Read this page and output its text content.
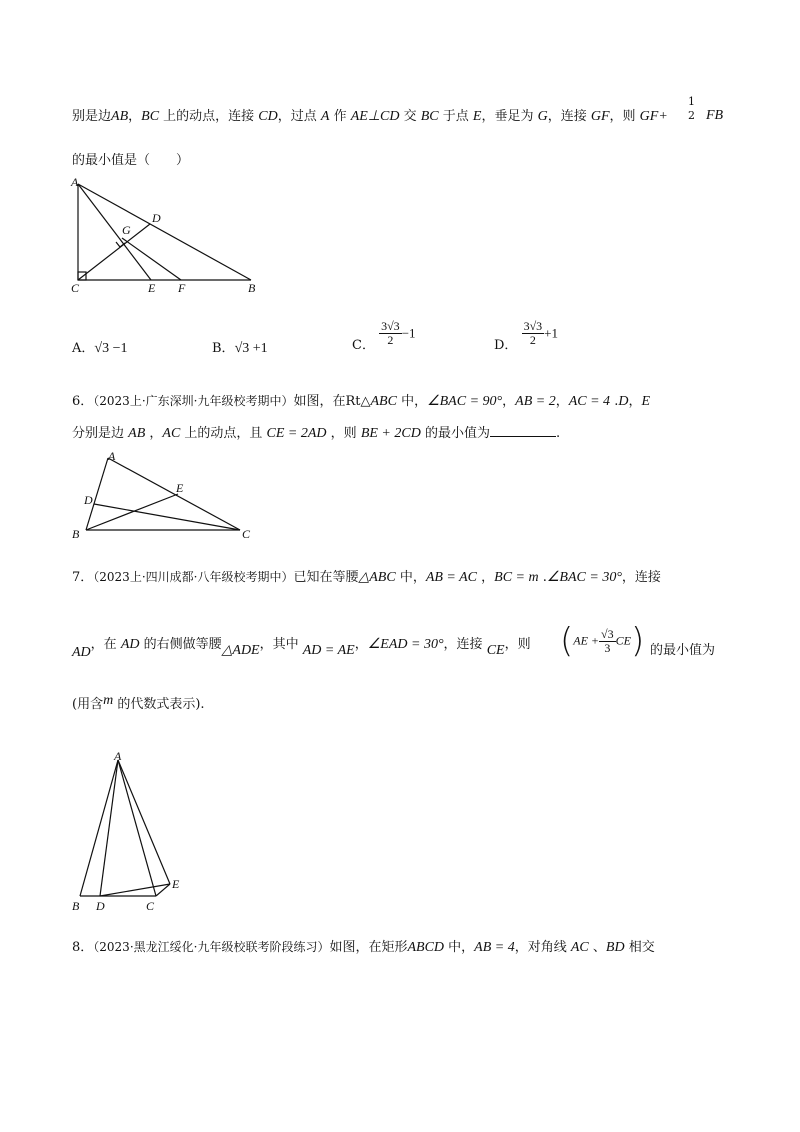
别是边AB，BC 上的动点，连接 CD，过点 A 作 AE⊥CD 交 BC 于点 E，垂足为 G，连接 GF，则 GF+
1
2 FB
的最小值是（　　）
A
D
G
C	E F	B
A．√3 −1	B．√3 +1	C． $\frac{3√3}{2} -1$
D． $\frac{3√3}{2} +1$
6．（2023上·广东深圳·九年级校考期中）如图，在Rt△ABC 中，∠BAC = 90°，AB = 2，AC = 4 .D，E
分别是边 AB ，AC 上的动点，且 CE = 2AD ，则 BE + 2CD 的最小值为	.
A
D
E
B	C
7．（2023上·四川成都·八年级校考期中）已知在等腰△ABC 中，AB = AC ，BC = m .∠BAC = 30°，连接
AD，在 AD 的右侧做等腰△ADE，其中 AD = AE，∠EAD = 30°，连接 CE，则 $(AE + \frac{√3}{3} CE)$ 的最小值为
(用含m 的代数式表示).
A
B D	C
E
8．（2023·黑龙江绥化·九年级校联考阶段练习）如图，在矩形ABCD 中，AB = 4，对角线 AC 、BD 相交
